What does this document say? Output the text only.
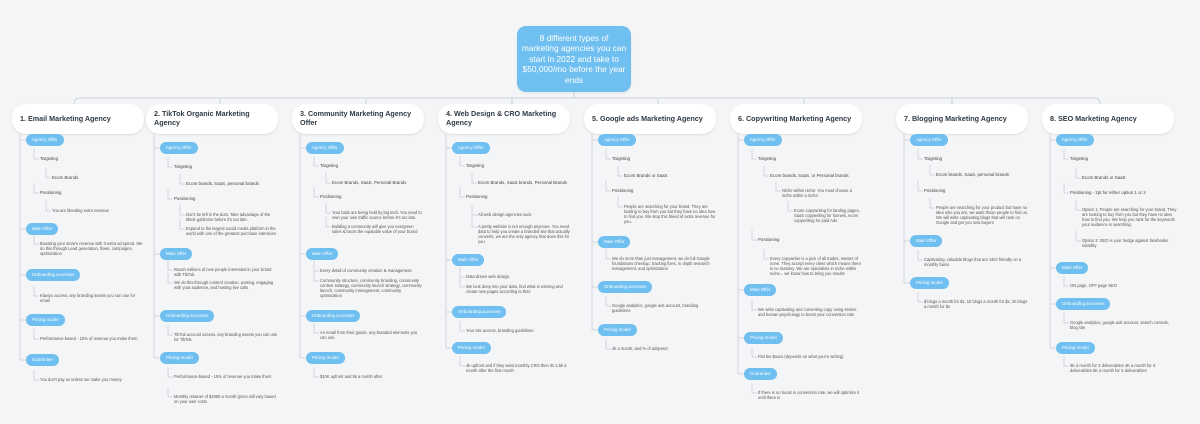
8 different types of marketing agencies you can start in 2022 and take to $50,000/mo before the year ends
1. Email Marketing Agency
Agency Offer
Targeting
Ecom Brands
Positioning
You are bleeding extra revenue
Main Offer
Boosting your store's revenue with 3 extra ad spend. We do this through Lead generation, flows, campaigns, optimization
Onboarding accesses
Klaviyo access, any branding assets you can use for email
Pricing model
Performance-based - 15% of revenue you make them
Guarantee
You don't pay us unless we make you money
2. TikTok Organic Marketing Agency
Agency Offer
Targeting
Ecom brands, SaaS, personal brands
Positioning
Don't be left in the dust. Take advantage of the tiktok goldmine before it's too late.
Expand to the largest social media platform in the world with one of the greatest purchase intentions
Main Offer
Reach millions of new people interested in your brand with TikTok.
We do this through content creation, posting, engaging with your audience, and hosting live calls
Onboarding accesses
TikTok account access, any branding assets you can use for TikTok
Pricing model
Performance-based - 15% of revenue you make them
Monthly retainer of $4000 a month (price will vary based on your own costs
3. Community Marketing Agency Offer
Agency Offer
Targeting
Ecom Brands, SaaS, Personal Brands
Positioning
Your bails are being held by big tech. You need to own your own traffic source before it's too late.
Building a community will give you evergreen sales & boost the equitable value of your brand
Main Offer
Every detail of community creation & management.
Community structure, community branding, community content strategy, community launch strategy, community launch, community management, community optimization
Onboarding accesses
An email from their goutie, any branded elements you can use.
Pricing model
$10K upfront and 5k a month after
4. Web Design & CRO Marketing Agency
Agency Offer
Targeting
Ecom Brands, SaaS brands, Personal Brands
Positioning
All web design agencies suck
A pretty website is not enough anymore. You need data to help you create a branded site that actually converts, we are the only agency that does this for you
Main Offer
Data-driven web design.
We look deep into your data, find what is winning and create new pages according to that.
Onboarding accesses
Your site access, branding guidelines
Pricing model
4k upfront and if they want monthly CRO then its 1.5k a month after the first month
5. Google ads Marketing Agency
Agency Offer
Targeting
Ecom Brands or SaaS
Positioning
People are searching for your brand. They are looking to buy from you but they have no idea how to find you. We stop this bleed of extra revenue for you.
Main Offer
We do more than just management, we do full Google foundations checkup, tracking fixes, in depth research management, and optimization
Onboarding accesses
Google analytics, google ads account, branding guidelines
Pricing model
2k a month, and % of adspend
6. Copywriting Marketing Agency
Agency Offer
Targeting
Ecom brands, SaaS, or Personal brands
Niche within niche: You must choose a niche within a niche
Ecom copywriting for landing pages, SaaS copywriting for funnels, ecom copywriting for paid Ads
Positioning
Every copywriter is a jack of all trades, master of none. They accept every client which means there is no mastery. We are specialists in niche within niche... we know how to bring you results
Main Offer
We write captivating and converting copy using stories and human psychology to boost your conversion rate
Pricing model
Flat fee $xxxx (depends on what you're writing)
Guarantee
If there is no boost in conversion rate, we will optimize it until there is
7. Blogging Marketing Agency
Agency Offer
Targeting
Ecom brands, SaaS, personal brands
Positioning
People are searching for your product but have no idea who you are, we want those people to find us. We will write captivating blogs that will rank on Google and get you new buyers
Main Offer
Captivating, valuable blogs that are SEO friendly on a monthly basis
Pricing model
$ blogs a month for $x, 10 blogs a month for $x, 20 blogs a month for $x
8. SEO Marketing Agency
Agency Offer
Targeting
Ecom Brands or SaaS
Positioning - 2pt for either option 1 or 2
Option 1: People are searching for your brand. They are looking to buy from you but they have no idea how to find you. We help you rank for the keywords your audience is searching.
Option 2: SEO is your hedge against facebooks volatility
Main Offer
ON page, OFF page SEO
Onboarding accesses
Google analytics, google ads account, search console, blog site
Pricing model
3K a month for X deliverables 4K a month for X deliverables 5K a month for X deliverables
